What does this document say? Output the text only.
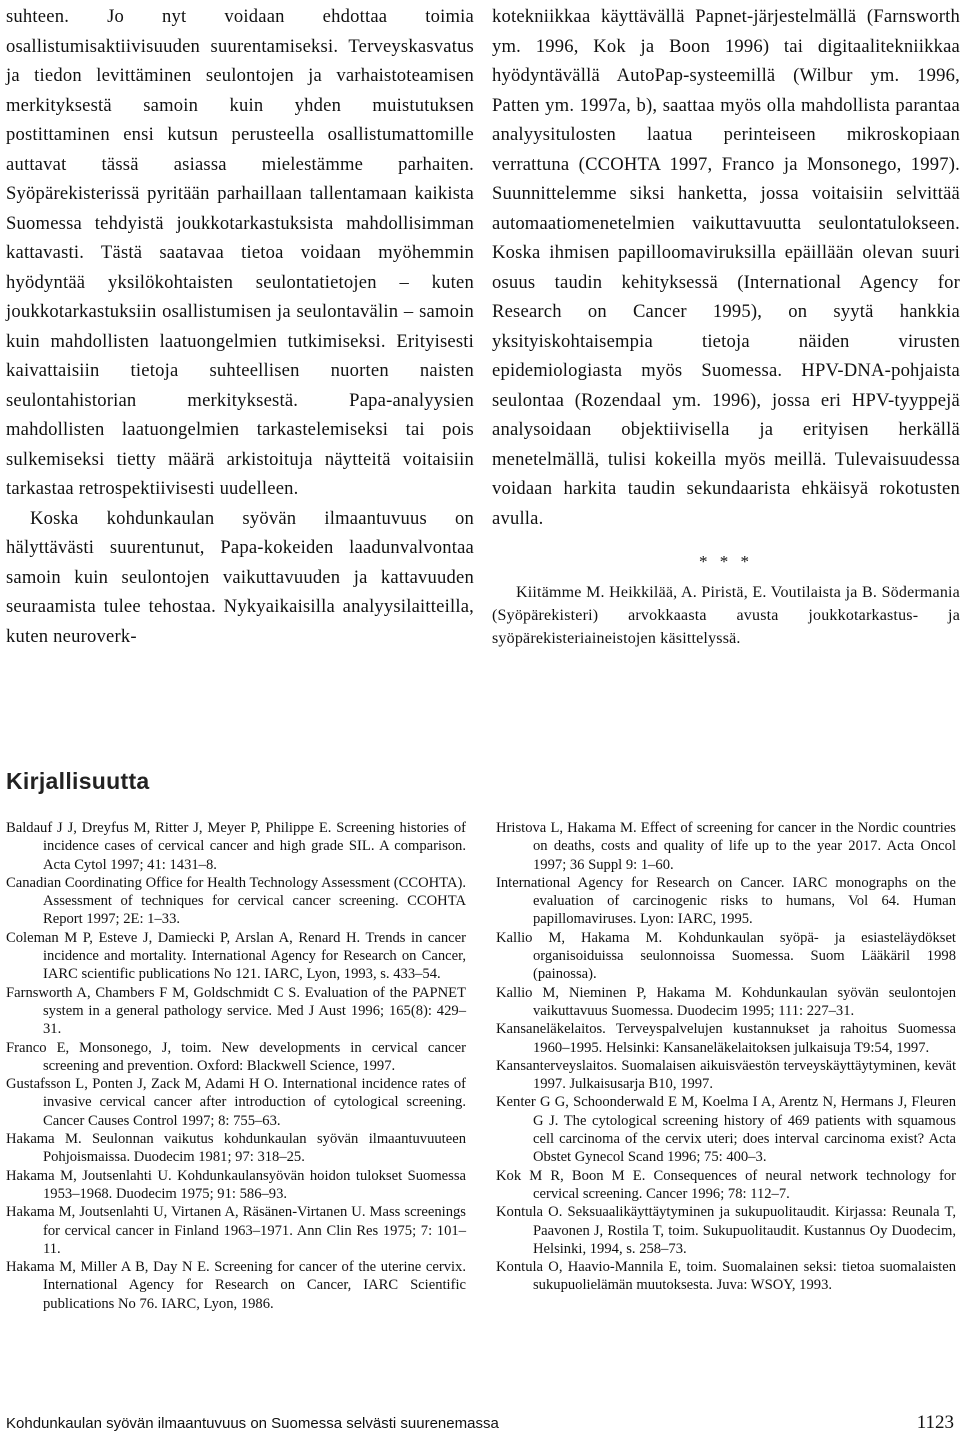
suhteen. Jo nyt voidaan ehdottaa toimia osallistumisaktiivisuuden suurentamiseksi. Terveyskasvatus ja tiedon levittäminen seulontojen ja varhaistoteamisen merkityksestä samoin kuin yhden muistutuksen postittaminen ensi kutsun perusteella osallistumattomille auttavat tässä asiassa mielestämme parhaiten. Syöpärekisterissä pyritään parhaillaan tallentamaan kaikista Suomessa tehdyistä joukkotarkastuksista mahdollisimman kattavasti. Tästä saatavaa tietoa voidaan myöhemmin hyödyntää yksilökohtaisten seulontatietojen – kuten joukkotarkastuksiin osallistumisen ja seulontavälin – samoin kuin mahdollisten laatuongelmien tutkimiseksi. Erityisesti kaivattaisiin tietoja suhteellisen nuorten naisten seulontahistorian merkityksestä. Papa-analyysien mahdollisten laatuongelmien tarkastelemiseksi tai pois sulkemiseksi tietty määrä arkistoituja näytteitä voitaisiin tarkastaa retrospektiivisesti uudelleen.

Koska kohdunkaulan syövän ilmaantuvuus on hälyttävästi suurentunut, Papa-kokeiden laadunvalvontaa samoin kuin seulontojen vaikuttavuuden ja kattavuuden seuraamista tulee tehostaa. Nykyaikaisilla analyysilaitteilla, kuten neuroverk-

kotekniikkaa käyttävällä Papnet-järjestelmällä (Farnsworth ym. 1996, Kok ja Boon 1996) tai digitaalitekniikkaa hyödyntävällä AutoPap-systeemillä (Wilbur ym. 1996, Patten ym. 1997a, b), saattaa myös olla mahdollista parantaa analyysitulosten laatua perinteiseen mikroskopiaan verrattuna (CCOHTA 1997, Franco ja Monsonego, 1997). Suunnittelemme siksi hanketta, jossa voitaisiin selvittää automaatiomenetelmien vaikuttavuutta seulontatulokseen. Koska ihmisen papilloomaviruksilla epäillään olevan suuri osuus taudin kehityksessä (International Agency for Research on Cancer 1995), on syytä hankkia yksityiskohtaisempia tietoja näiden virusten epidemiologiasta myös Suomessa. HPV-DNA-pohjaista seulontaa (Rozendaal ym. 1996), jossa eri HPV-tyyppejä analysoidaan objektiivisella ja erityisen herkällä menetelmällä, tulisi kokeilla myös meillä. Tulevaisuudessa voidaan harkita taudin sekundaarista ehkäisyä rokotusten avulla.

* * *

Kiitämme M. Heikkilää, A. Piristä, E. Voutilaista ja B. Södermania (Syöpärekisteri) arvokkaasta avusta joukkotarkastus- ja syöpärekisteriaineistojen käsittelyssä.

Kirjallisuutta
Baldauf J J, Dreyfus M, Ritter J, Meyer P, Philippe E. Screening histories of incidence cases of cervical cancer and high grade SIL. A comparison. Acta Cytol 1997; 41: 1431–8.
Canadian Coordinating Office for Health Technology Assessment (CCOHTA). Assessment of techniques for cervical cancer screening. CCOHTA Report 1997; 2E: 1–33.
Coleman M P, Esteve J, Damiecki P, Arslan A, Renard H. Trends in cancer incidence and mortality. International Agency for Research on Cancer, IARC scientific publications No 121. IARC, Lyon, 1993, s. 433–54.
Farnsworth A, Chambers F M, Goldschmidt C S. Evaluation of the PAPNET system in a general pathology service. Med J Aust 1996; 165(8): 429–31.
Franco E, Monsonego, J, toim. New developments in cervical cancer screening and prevention. Oxford: Blackwell Science, 1997.
Gustafsson L, Ponten J, Zack M, Adami H O. International incidence rates of invasive cervical cancer after introduction of cytological screening. Cancer Causes Control 1997; 8: 755–63.
Hakama M. Seulonnan vaikutus kohdunkaulan syövän ilmaantuvuuteen Pohjoismaissa. Duodecim 1981; 97: 318–25.
Hakama M, Joutsenlahti U. Kohdunkaulansyövän hoidon tulokset Suomessa 1953–1968. Duodecim 1975; 91: 586–93.
Hakama M, Joutsenlahti U, Virtanen A, Räsänen-Virtanen U. Mass screenings for cervical cancer in Finland 1963–1971. Ann Clin Res 1975; 7: 101–11.
Hakama M, Miller A B, Day N E. Screening for cancer of the uterine cervix. International Agency for Research on Cancer, IARC Scientific publications No 76. IARC, Lyon, 1986.
Hristova L, Hakama M. Effect of screening for cancer in the Nordic countries on deaths, costs and quality of life up to the year 2017. Acta Oncol 1997; 36 Suppl 9: 1–60.
International Agency for Research on Cancer. IARC monographs on the evaluation of carcinogenic risks to humans, Vol 64. Human papillomaviruses. Lyon: IARC, 1995.
Kallio M, Hakama M. Kohdunkaulan syöpä- ja esiasteläydökset organisoiduissa seulonnoissa Suomessa. Suom Lääkäril 1998 (painossa).
Kallio M, Nieminen P, Hakama M. Kohdunkaulan syövän seulontojen vaikuttavuus Suomessa. Duodecim 1995; 111: 227–31.
Kansaneläkelaitos. Terveyspalvelujen kustannukset ja rahoitus Suomessa 1960–1995. Helsinki: Kansaneläkelaitoksen julkaisuja T9:54, 1997.
Kansanterveyslaitos. Suomalaisen aikuisväestön terveyskäyttäytyminen, kevät 1997. Julkaisusarja B10, 1997.
Kenter G G, Schoonderwald E M, Koelma I A, Arentz N, Hermans J, Fleuren G J. The cytological screening history of 469 patients with squamous cell carcinoma of the cervix uteri; does interval carcinoma exist? Acta Obstet Gynecol Scand 1996; 75: 400–3.
Kok M R, Boon M E. Consequences of neural network technology for cervical screening. Cancer 1996; 78: 112–7.
Kontula O. Seksuaalikäyttäytyminen ja sukupuolitaudit. Kirjassa: Reunala T, Paavonen J, Rostila T, toim. Sukupuolitaudit. Kustannus Oy Duodecim, Helsinki, 1994, s. 258–73.
Kontula O, Haavio-Mannila E, toim. Suomalainen seksi: tietoa suomalaisten sukupuolielämän muutoksesta. Juva: WSOY, 1993.
Kohdunkaulan syövän ilmaantuvuus on Suomessa selvästi suurenemassa	1123
